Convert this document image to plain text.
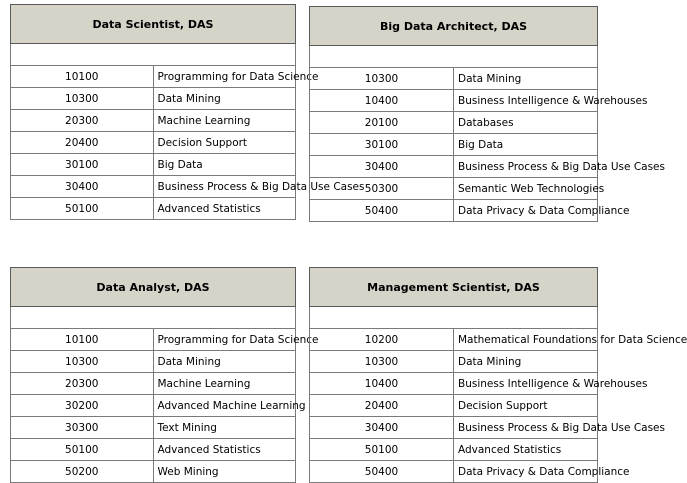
Data Scientist, DAS	

10100	Programming for Data Science
10300	Data Mining
20300	Machine Learning
20400	Decision Support
30100	Big Data
30400	Business Process & Big Data Use Cases
50100	Advanced Statistics
Big Data Architect, DAS	

10300	Data Mining
10400	Business Intelligence & Warehouses
20100	Databases
30100	Big Data
30400	Business Process & Big Data Use Cases
50300	Semantic Web Technologies
50400	Data Privacy & Data Compliance
Data Analyst, DAS	

10100	Programming for Data Science
10300	Data Mining
20300	Machine Learning
30200	Advanced Machine Learning
30300	Text Mining
50100	Advanced Statistics
50200	Web Mining
Management Scientist, DAS	

10200	Mathematical Foundations for Data Science
10300	Data Mining
10400	Business Intelligence & Warehouses
20400	Decision Support
30400	Business Process & Big Data Use Cases
50100	Advanced Statistics
50400	Data Privacy & Data Compliance
